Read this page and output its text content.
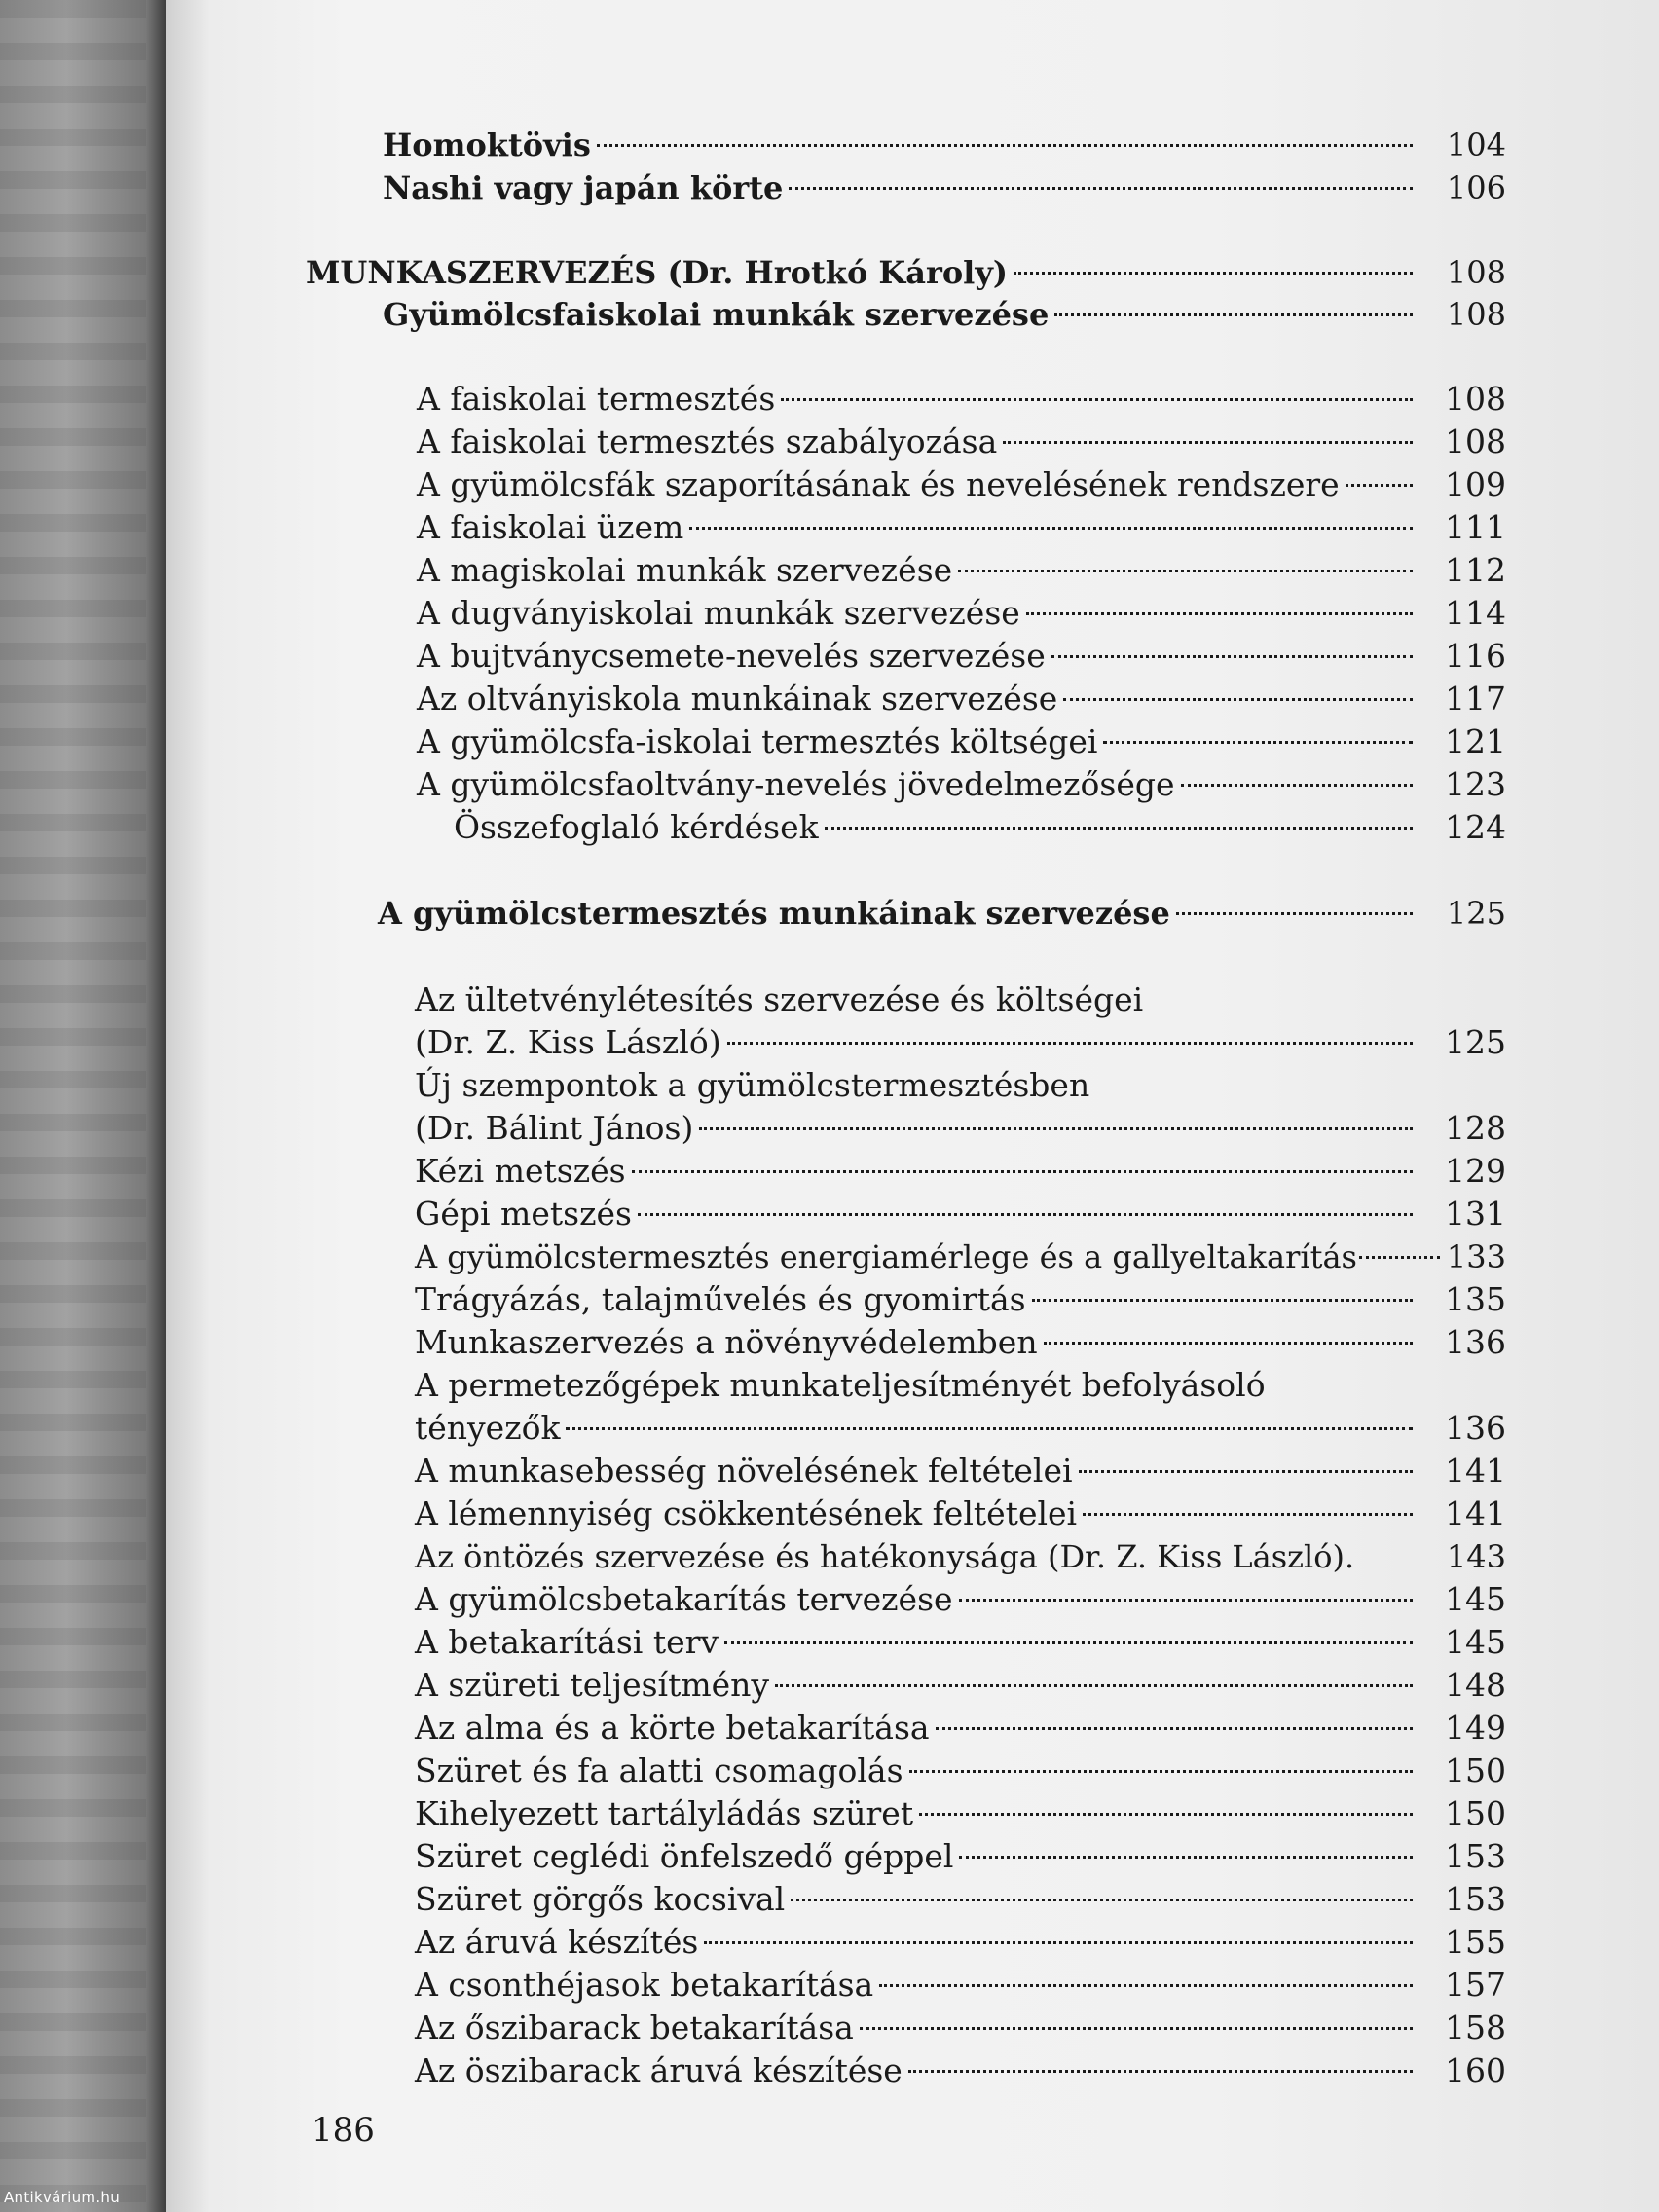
Homoktövis	104
Nashi vagy japán körte	106
MUNKASZERVEZÉS (Dr. Hrotkó Károly)	108
Gyümölcsfaiskolai munkák szervezése	108
A faiskolai termesztés	108
A faiskolai termesztés szabályozása	108
A gyümölcsfák szaporításának és nevelésének rendszere	109
A faiskolai üzem	111
A magiskolai munkák szervezése	112
A dugványiskolai munkák szervezése	114
A bujtványcsemete-nevelés szervezése	116
Az oltványiskola munkáinak szervezése	117
A gyümölcsfa-iskolai termesztés költségei	121
A gyümölcsfaoltvány-nevelés jövedelmezősége	123
Összefoglaló kérdések	124
A gyümölcstermesztés munkáinak szervezése	125
Az ültetvénylétesítés szervezése és költségei
(Dr. Z. Kiss László)	125
Új szempontok a gyümölcstermesztésben
(Dr. Bálint János)	128
Kézi metszés	129
Gépi metszés	131
A gyümölcstermesztés energiamérlege és a gallyeltakarítás	133
Trágyázás, talajművelés és gyomirtás	135
Munkaszervezés a növényvédelemben	136
A permetezőgépek munkateljesítményét befolyásoló
tényezők	136
A munkasebesség növelésének feltételei	141
A lémennyiség csökkentésének feltételei	141
Az öntözés szervezése és hatékonysága (Dr. Z. Kiss László).	143
A gyümölcsbetakarítás tervezése	145
A betakarítási terv	145
A szüreti teljesítmény	148
Az alma és a körte betakarítása	149
Szüret és fa alatti csomagolás	150
Kihelyezett tartályládás szüret	150
Szüret ceglédi önfelszedő géppel	153
Szüret görgős kocsival	153
Az áruvá készítés	155
A csonthéjasok betakarítása	157
Az őszibarack betakarítása	158
Az öszibarack áruvá készítése	160
186
Antikvárium.hu
